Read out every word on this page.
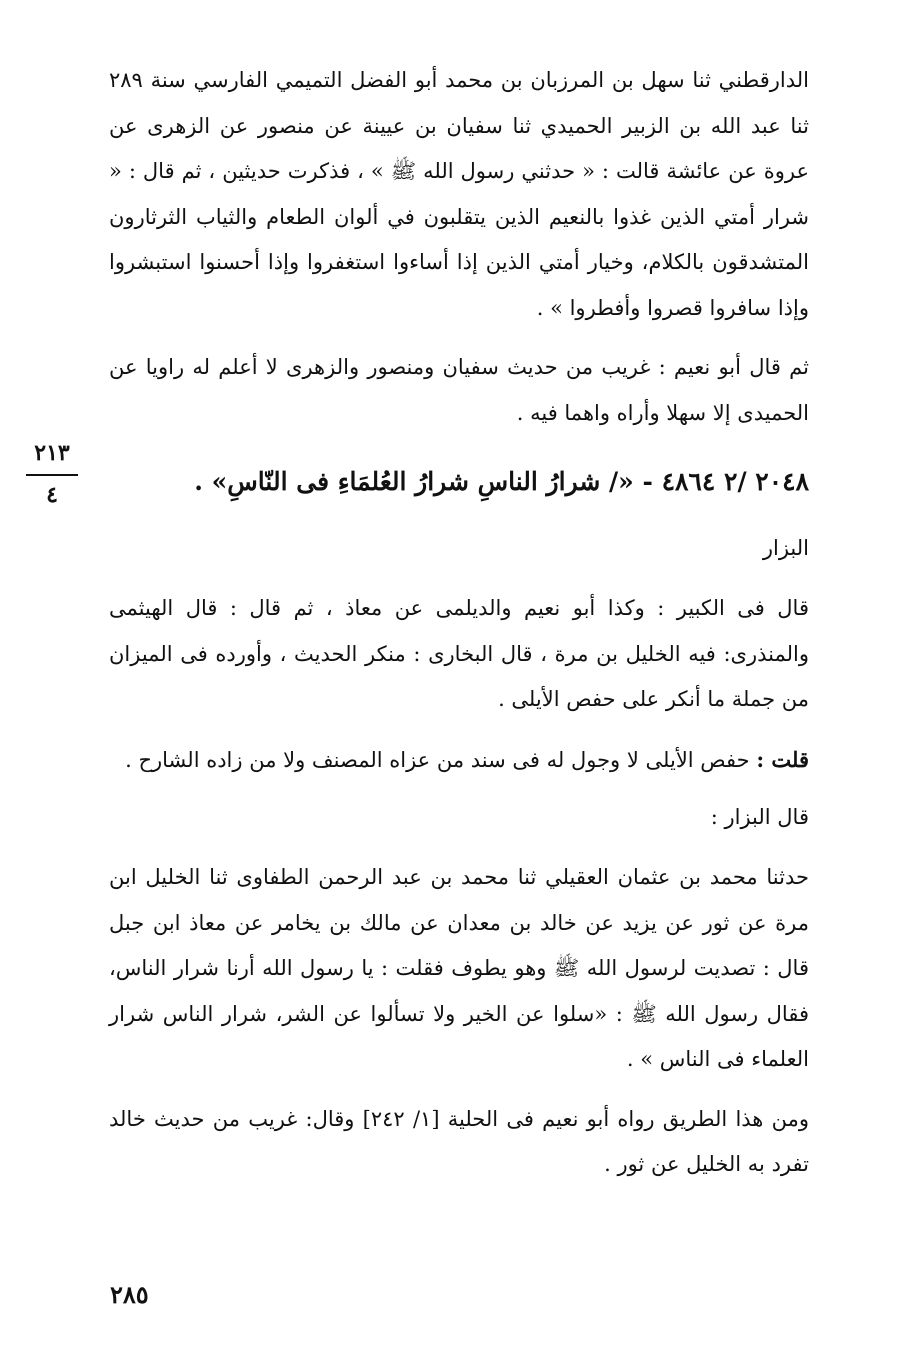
٢١٣
٤

الدارقطني ثنا سهل بن المرزبان بن محمد أبو الفضل التميمي الفارسي سنة ٢٨٩ ثنا عبد الله بن الزبير الحميدي ثنا سفيان بن عيينة عن منصور عن الزهرى عن عروة عن عائشة قالت : « حدثني رسول الله ﷺ » ، فذكرت حديثين ، ثم قال : « شرار أمتي الذين غذوا بالنعيم الذين يتقلبون في ألوان الطعام والثياب الثرثارون المتشدقون بالكلام، وخيار أمتي الذين إذا أساءوا استغفروا وإذا أحسنوا استبشروا وإذا سافروا قصروا وأفطروا » .

ثم قال أبو نعيم : غريب من حديث سفيان ومنصور والزهرى لا أعلم له راويا عن الحميدى إلا سهلا وأراه واهما فيه .

٢٠٤٨ /٢ ٤٨٦٤ - «/ شرارُ الناسِ شرارُ العُلمَاءِ فى النّاسِ» .

البزار

قال فى الكبير : وكذا أبو نعيم والديلمى عن معاذ ، ثم قال : قال الهيثمى والمنذرى: فيه الخليل بن مرة ، قال البخارى : منكر الحديث ، وأورده فى الميزان من جملة ما أنكر على حفص الأيلى .

قلت : حفص الأيلى لا وجول له فى سند من عزاه المصنف ولا من زاده الشارح .

قال البزار :

حدثنا محمد بن عثمان العقيلي ثنا محمد بن عبد الرحمن الطفاوى ثنا الخليل ابن مرة عن ثور عن يزيد عن خالد بن معدان عن مالك بن يخامر عن معاذ ابن جبل قال : تصديت لرسول الله ﷺ وهو يطوف فقلت : يا رسول الله أرنا شرار الناس، فقال رسول الله ﷺ : «سلوا عن الخير ولا تسألوا عن الشر، شرار الناس شرار العلماء فى الناس » .

ومن هذا الطريق رواه أبو نعيم فى الحلية [١/ ٢٤٢] وقال: غريب من حديث خالد تفرد به الخليل عن ثور .

٢٨٥
